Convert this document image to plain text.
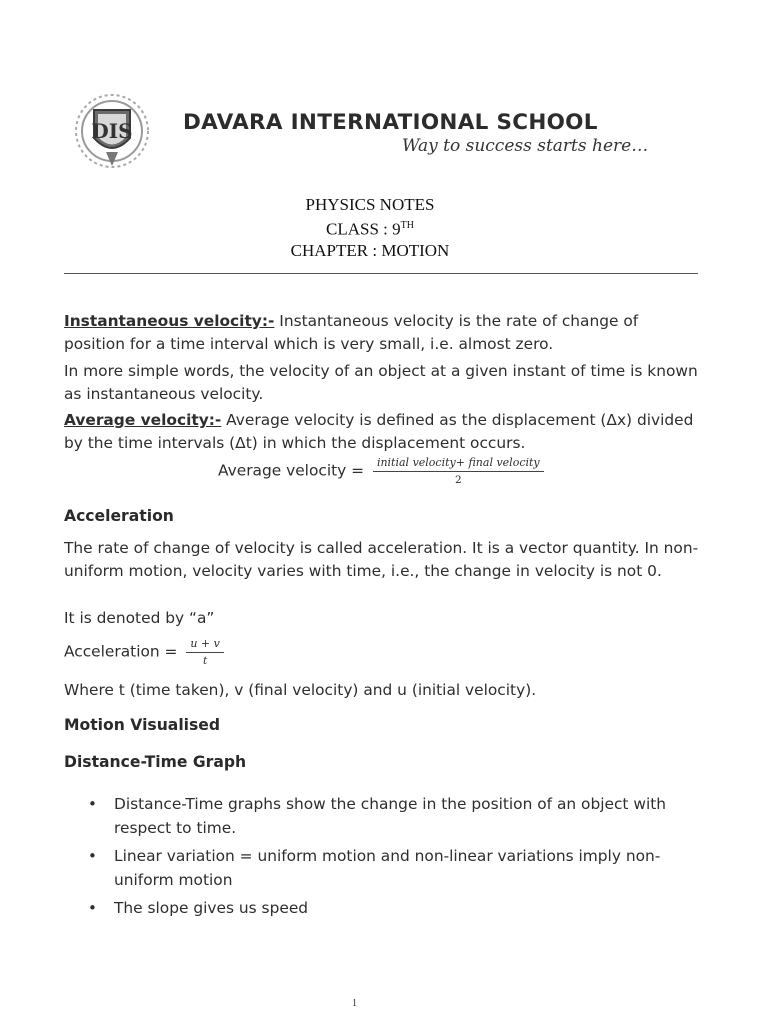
DIS DAVARA INTERNATIONAL SCHOOL
Way to success starts here…
PHYSICS NOTES
CLASS : 9TH
CHAPTER : MOTION
Instantaneous velocity:- Instantaneous velocity is the rate of change of position for a time interval which is very small, i.e. almost zero.
In more simple words, the velocity of an object at a given instant of time is known as instantaneous velocity.
Average velocity:- Average velocity is defined as the displacement (Δx) divided by the time intervals (Δt) in which the displacement occurs.
Average velocity = $\frac{\text{initial velocity+ final velocity}}{2}$
Acceleration
The rate of change of velocity is called acceleration. It is a vector quantity. In non-uniform motion, velocity varies with time, i.e., the change in velocity is not 0.
It is denoted by “a”
Acceleration = $\frac{u + v}{t}$
Where t (time taken), v (final velocity) and u (initial velocity).
Motion Visualised
Distance-Time Graph
• Distance-Time graphs show the change in the position of an object with respect to time.
• Linear variation = uniform motion and non-linear variations imply non-uniform motion
• The slope gives us speed
1
